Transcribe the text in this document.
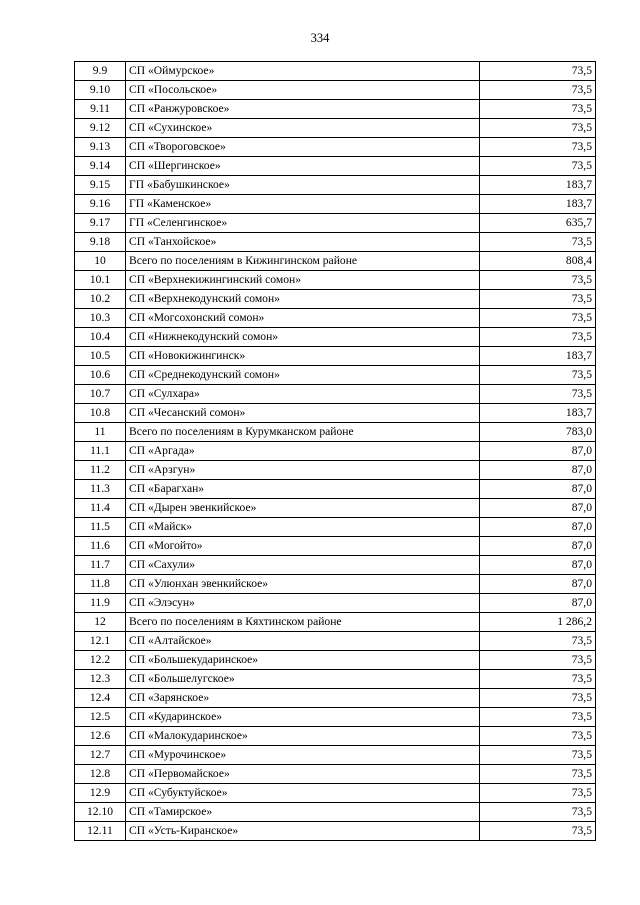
334
9.9	СП «Оймурское»	73,5
9.10	СП «Посольское»	73,5
9.11	СП «Ранжуровское»	73,5
9.12	СП «Сухинское»	73,5
9.13	СП «Твороговское»	73,5
9.14	СП «Шергинское»	73,5
9.15	ГП «Бабушкинское»	183,7
9.16	ГП «Каменское»	183,7
9.17	ГП «Селенгинское»	635,7
9.18	СП «Танхойское»	73,5
10	Всего по поселениям в Кижингинском районе	808,4
10.1	СП «Верхнекижингинский сомон»	73,5
10.2	СП «Верхнекодунский сомон»	73,5
10.3	СП «Могсохонский сомон»	73,5
10.4	СП «Нижнекодунский сомон»	73,5
10.5	СП «Новокижингинск»	183,7
10.6	СП «Среднекодунский сомон»	73,5
10.7	СП «Сулхара»	73,5
10.8	СП «Чесанский сомон»	183,7
11	Всего по поселениям в Курумканском районе	783,0
11.1	СП «Аргада»	87,0
11.2	СП «Арзгун»	87,0
11.3	СП «Барагхан»	87,0
11.4	СП «Дырен эвенкийское»	87,0
11.5	СП «Майск»	87,0
11.6	СП «Могойто»	87,0
11.7	СП «Сахули»	87,0
11.8	СП «Улюнхан эвенкийское»	87,0
11.9	СП «Элэсун»	87,0
12	Всего по поселениям в Кяхтинском районе	1 286,2
12.1	СП «Алтайское»	73,5
12.2	СП «Большекударинское»	73,5
12.3	СП «Большелугское»	73,5
12.4	СП «Зарянское»	73,5
12.5	СП «Кударинское»	73,5
12.6	СП «Малокударинское»	73,5
12.7	СП «Мурочинское»	73,5
12.8	СП «Первомайское»	73,5
12.9	СП «Субуктуйское»	73,5
12.10	СП «Тамирское»	73,5
12.11	СП «Усть-Киранское»	73,5
